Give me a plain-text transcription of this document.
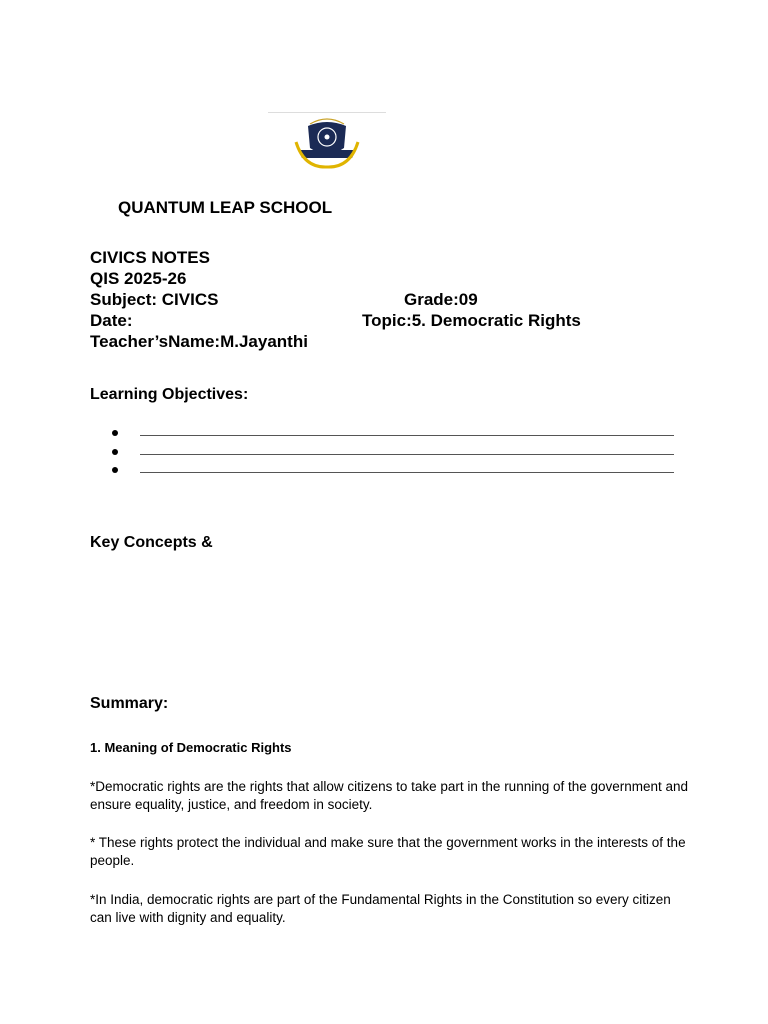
QUANTUM LEAP SCHOOL
CIVICS NOTES
QIS 2025-26
Subject: CIVICS	Grade:09
Date:	Topic:5. Democratic Rights
Teacher’sName:M.Jayanthi
Learning Objectives:
Key Concepts &
Summary:
1. Meaning of Democratic Rights
*Democratic rights are the rights that allow citizens to take part in the running of the government and ensure equality, justice, and freedom in society.
* These rights protect the individual and make sure that the government works in the interests of the people.
*In India, democratic rights are part of the Fundamental Rights in the Constitution so every citizen can live with dignity and equality.
